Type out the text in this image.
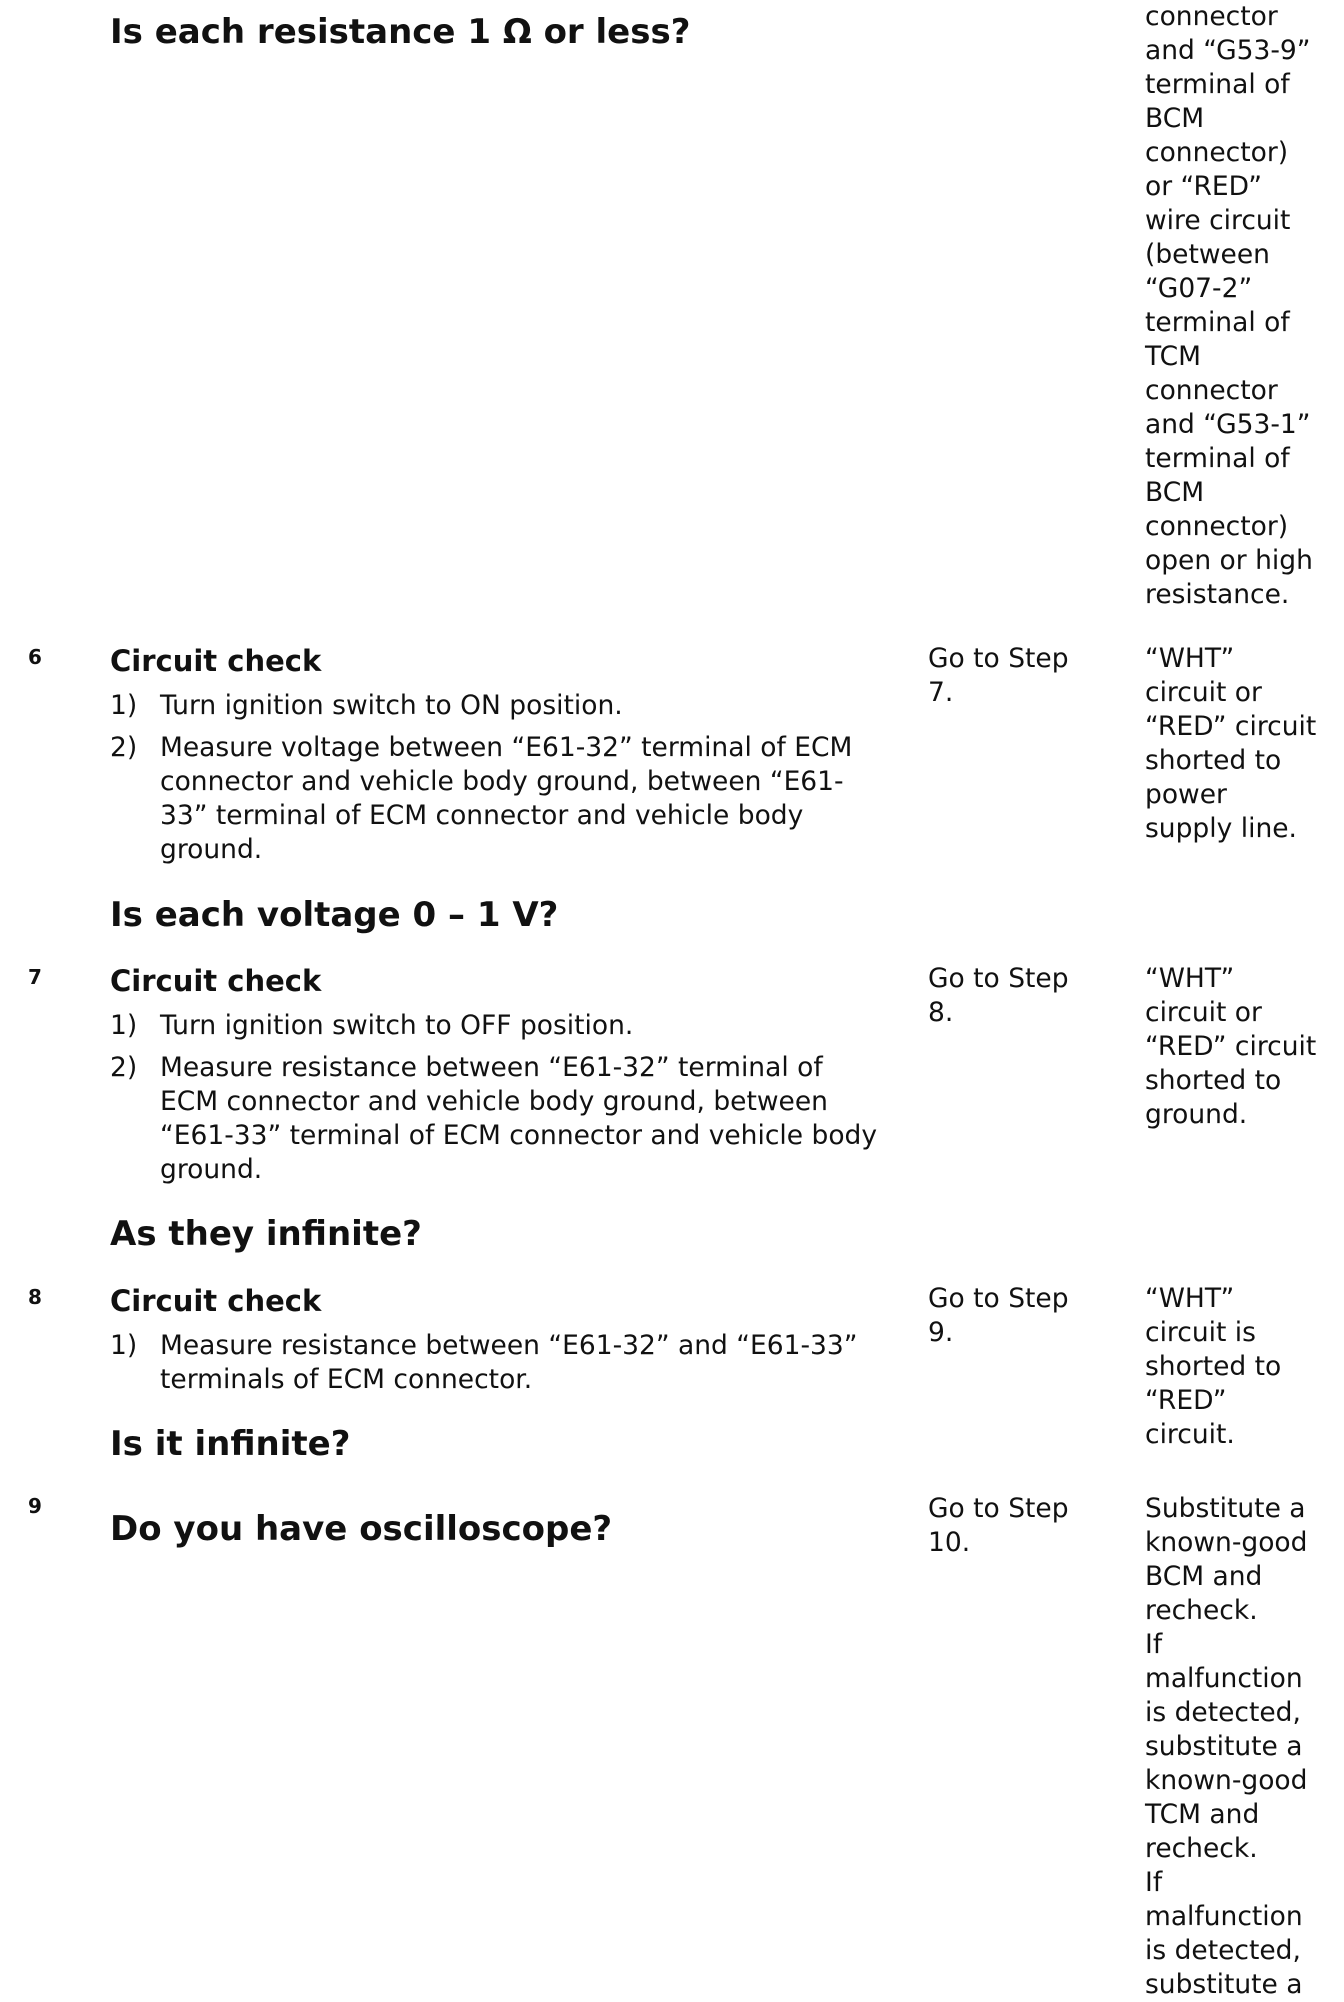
Is each resistance 1 Ω or less?	connector
and “G53-9”
terminal of
BCM
connector)
or “RED”
wire circuit
(between
“G07-2”
terminal of
TCM
connector
and “G53-1”
terminal of
BCM
connector)
open or high
resistance.
6 Circuit check
1) Turn ignition switch to ON position.
2) Measure voltage between “E61-32” terminal of ECM connector and vehicle body ground, between “E61-33” terminal of ECM connector and vehicle body ground.
Is each voltage 0 – 1 V?
Go to Step
7.
“WHT”
circuit or
“RED” circuit
shorted to
power
supply line.
7 Circuit check
1) Turn ignition switch to OFF position.
2) Measure resistance between “E61-32” terminal of ECM connector and vehicle body ground, between “E61-33” terminal of ECM connector and vehicle body ground.
As they infinite?
Go to Step
8.
“WHT”
circuit or
“RED” circuit
shorted to
ground.
8 Circuit check
1) Measure resistance between “E61-32” and “E61-33” terminals of ECM connector.
Is it infinite?
Go to Step
9.
“WHT”
circuit is
shorted to
“RED”
circuit.
9
Do you have oscilloscope?
Go to Step
10.
Substitute a
known-good
BCM and
recheck.
If
malfunction
is detected,
substitute a
known-good
TCM and
recheck.
If
malfunction
is detected,
substitute a
